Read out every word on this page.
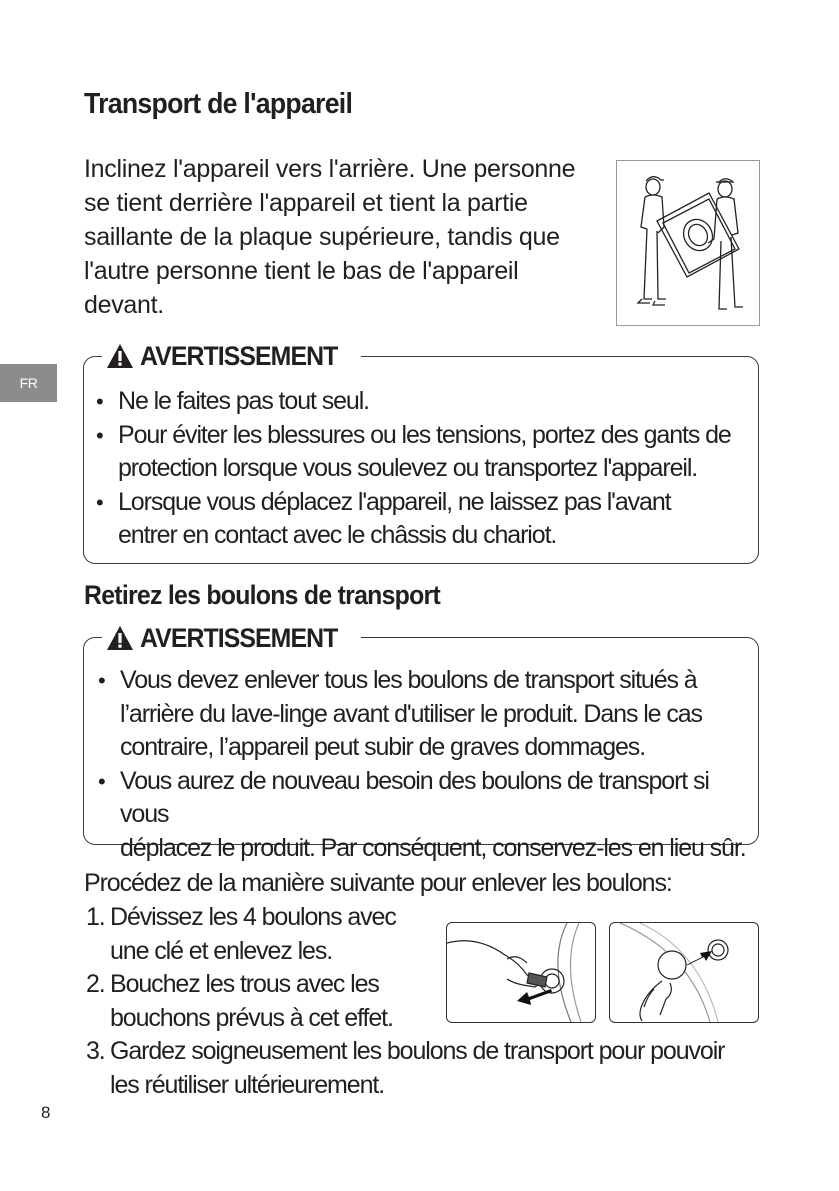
Transport de l'appareil
Inclinez l'appareil vers l'arrière. Une personne
se tient derrière l'appareil et tient la partie
saillante de la plaque supérieure, tandis que
l'autre personne tient le bas de l'appareil
devant.
FR
AVERTISSEMENT
• Ne le faites pas tout seul.
• Pour éviter les blessures ou les tensions, portez des gants de
protection lorsque vous soulevez ou transportez l'appareil.
• Lorsque vous déplacez l'appareil, ne laissez pas l'avant
entrer en contact avec le châssis du chariot.
Retirez les boulons de transport
AVERTISSEMENT
• Vous devez enlever tous les boulons de transport situés à
l’arrière du lave-linge avant d'utiliser le produit. Dans le cas
contraire, l’appareil peut subir de graves dommages.
• Vous aurez de nouveau besoin des boulons de transport si vous
déplacez le produit. Par conséquent, conservez-les en lieu sûr.
Procédez de la manière suivante pour enlever les boulons:
1. Dévissez les 4 boulons avec
une clé et enlevez les.
2. Bouchez les trous avec les
bouchons prévus à cet effet.
3. Gardez soigneusement les boulons de transport pour pouvoir
les réutiliser ultérieurement.
8
